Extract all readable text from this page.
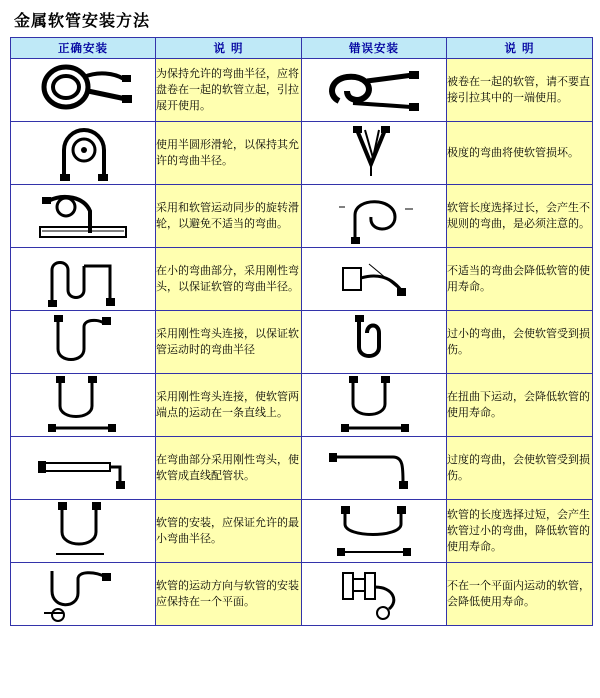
金属软管安装方法
正确安装	说 明	错误安装	说 明

	为保持允许的弯曲半径，应将盘卷在一起的软管立起，引拉展开使用。		被卷在一起的软管，请不要直接引拉其中的一端使用。

	使用半圆形滑轮，以保持其允许的弯曲半径。		极度的弯曲将使软管损坏。

	采用和软管运动同步的旋转滑轮，以避免不适当的弯曲。		软管长度选择过长，会产生不规则的弯曲，是必须注意的。

	在小的弯曲部分，采用刚性弯头，以保证软管的弯曲半径。		不适当的弯曲会降低软管的使用寿命。

	采用刚性弯头连接，以保证软管运动时的弯曲半径		过小的弯曲，会使软管受到损伤。

	采用刚性弯头连接，使软管两端点的运动在一条直线上。		在扭曲下运动，会降低软管的使用寿命。

	在弯曲部分采用刚性弯头，使软管成直线配管状。		过度的弯曲，会使软管受到损伤。

	软管的安装，应保证允许的最小弯曲半径。		软管的长度选择过短，会产生软管过小的弯曲，降低软管的使用寿命。

	软管的运动方向与软管的安装应保持在一个平面。		不在一个平面内运动的软管，会降低使用寿命。
